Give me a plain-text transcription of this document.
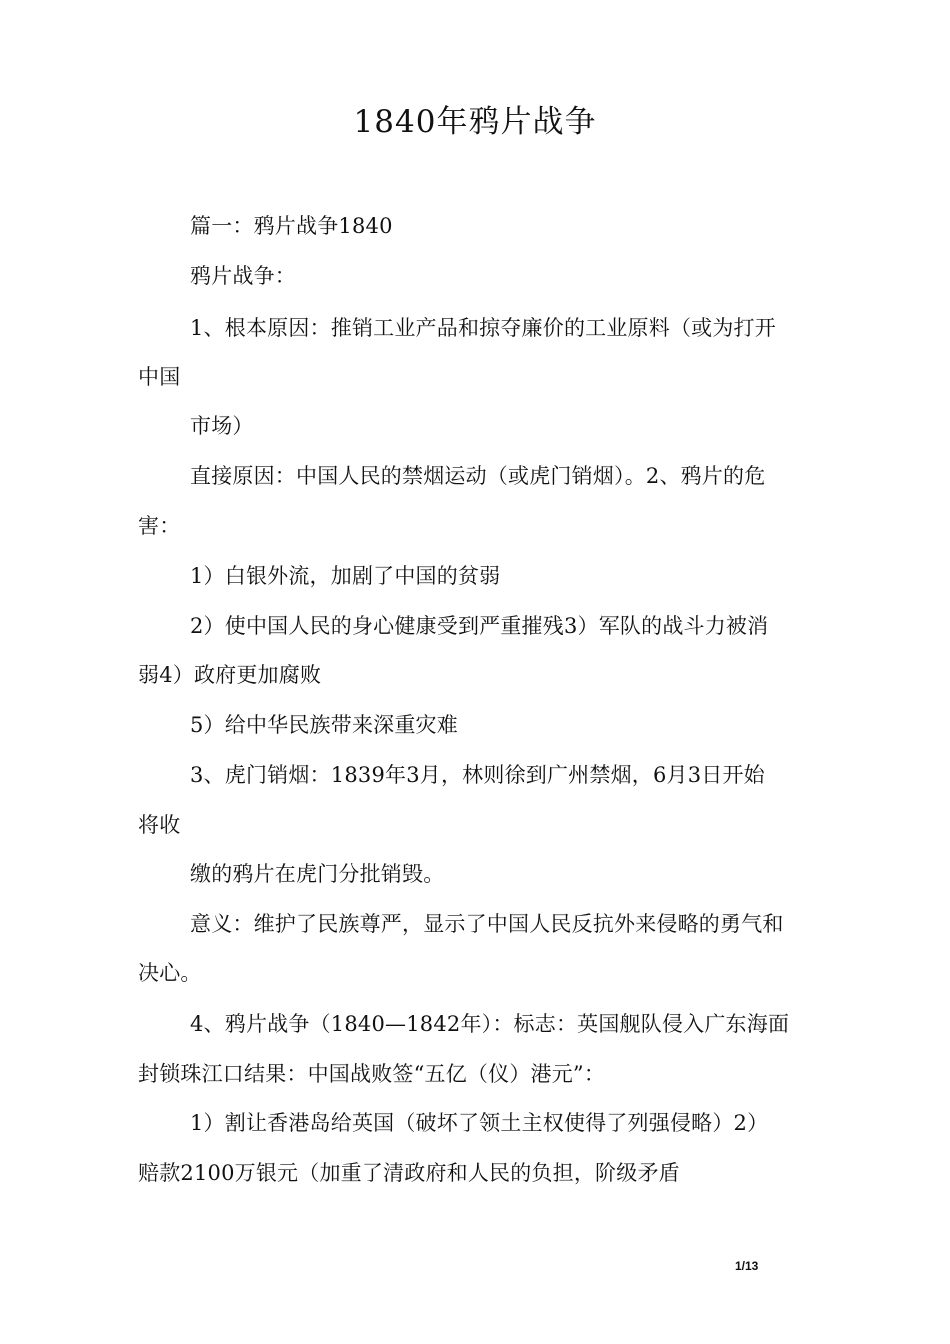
1840年鸦片战争
篇一：鸦片战争1840
鸦片战争：
1、根本原因：推销工业产品和掠夺廉价的工业原料（或为打开
中国
市场）
直接原因：中国人民的禁烟运动（或虎门销烟）。2、鸦片的危
害：
1）白银外流，加剧了中国的贫弱
2）使中国人民的身心健康受到严重摧残3）军队的战斗力被消
弱4）政府更加腐败
5）给中华民族带来深重灾难
3、虎门销烟：1839年3月，林则徐到广州禁烟，6月3日开始
将收
缴的鸦片在虎门分批销毁。
意义：维护了民族尊严，显示了中国人民反抗外来侵略的勇气和
决心。
4、鸦片战争（1840—1842年）：标志：英国舰队侵入广东海面
封锁珠江口结果：中国战败签“五亿（仪）港元”：
1）割让香港岛给英国（破坏了领土主权使得了列强侵略）2）
赔款2100万银元（加重了清政府和人民的负担，阶级矛盾
1/13
